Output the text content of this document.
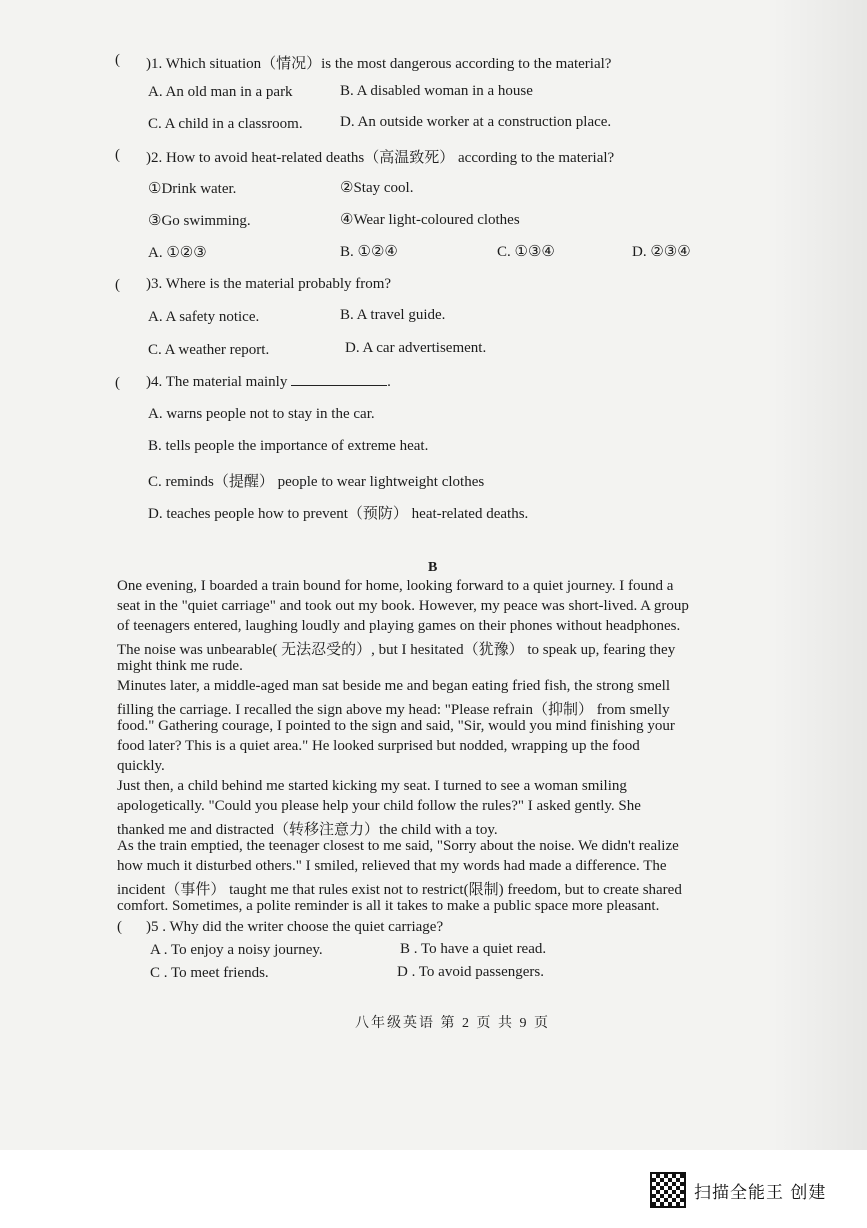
( )1. Which situation（情况）is the most dangerous according to the material?
A. An old man in a park	B. A disabled woman in a house
C. A child in a classroom. D. An outside worker at a construction place.
( )2. How to avoid heat-related deaths（高温致死） according to the material?
①Drink water.	②Stay cool.
③Go swimming.	④Wear light-coloured clothes
A. ①②③	B. ①②④	C. ①③④	D. ②③④
( )3. Where is the material probably from?
A. A safety notice.	B. A travel guide.
C. A weather report.	D. A car advertisement.
( )4. The material mainly	.
A. warns people not to stay in the car.
B. tells people the importance of extreme heat.
C. reminds（提醒） people to wear lightweight clothes
D. teaches people how to prevent（预防） heat-related deaths.
B
One evening, I boarded a train bound for home, looking forward to a quiet journey. I found a
seat in the "quiet carriage" and took out my book. However, my peace was short-lived. A group
of teenagers entered, laughing loudly and playing games on their phones without headphones.
The noise was unbearable( 无法忍受的）, but I hesitated（犹豫） to speak up, fearing they
might think me rude.
Minutes later, a middle-aged man sat beside me and began eating fried fish, the strong smell
filling the carriage. I recalled the sign above my head: "Please refrain（抑制） from smelly
food." Gathering courage, I pointed to the sign and said, "Sir, would you mind finishing your
food later? This is a quiet area." He looked surprised but nodded, wrapping up the food
quickly.
Just then, a child behind me started kicking my seat. I turned to see a woman smiling
apologetically. "Could you please help your child follow the rules?" I asked gently. She
thanked me and distracted（转移注意力）the child with a toy.
As the train emptied, the teenager closest to me said, "Sorry about the noise. We didn't realize
how much it disturbed others." I smiled, relieved that my words had made a difference. The
incident（事件） taught me that rules exist not to restrict(限制) freedom, but to create shared
comfort. Sometimes, a polite reminder is all it takes to make a public space more pleasant.
( )5 . Why did the writer choose the quiet carriage?
A . To enjoy a noisy journey.	B . To have a quiet read.
C . To meet friends.	D . To avoid passengers.
八年级英语 第 2 页 共 9 页
扫描全能王 创建
